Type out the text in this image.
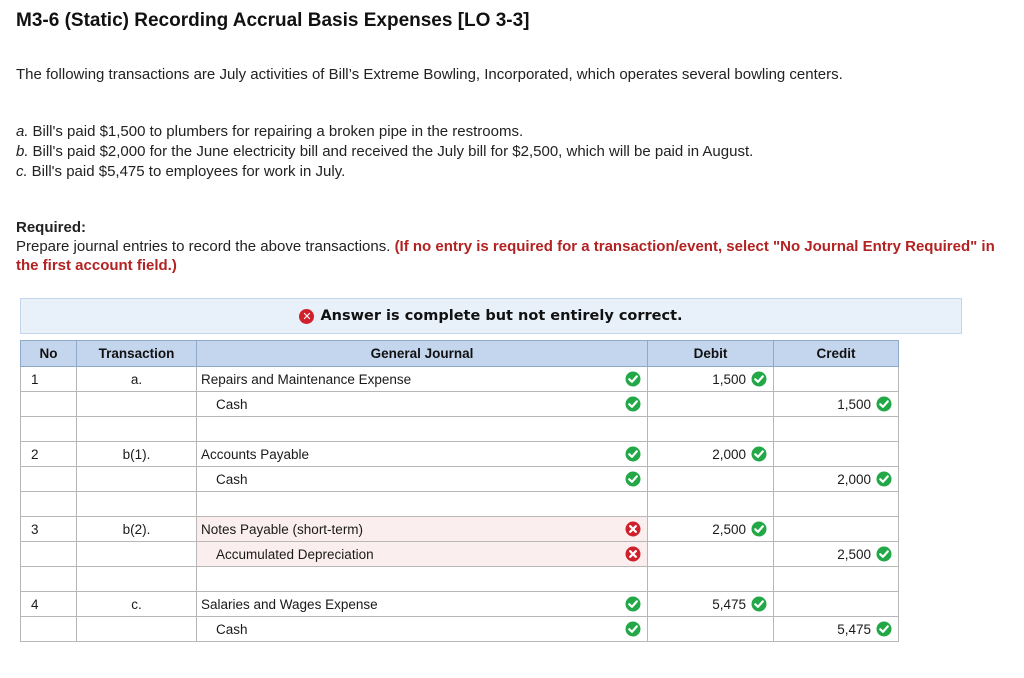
M3-6 (Static) Recording Accrual Basis Expenses [LO 3-3]
The following transactions are July activities of Bill’s Extreme Bowling, Incorporated, which operates several bowling centers.
a. Bill's paid $1,500 to plumbers for repairing a broken pipe in the restrooms.
b. Bill's paid $2,000 for the June electricity bill and received the July bill for $2,500, which will be paid in August.
c. Bill's paid $5,475 to employees for work in July.
Required:
Prepare journal entries to record the above transactions. (If no entry is required for a transaction/event, select "No Journal Entry Required" in the first account field.)
✕ Answer is complete but not entirely correct.
No	Transaction	General Journal	Debit	Credit
1	a.	Repairs and Maintenance Expense	1,500

		Cash		1,500

2	b(1).	Accounts Payable	2,000

		Cash		2,000

3	b(2).	Notes Payable (short-term)	2,500

		Accumulated Depreciation		2,500

4	c.	Salaries and Wages Expense	5,475

		Cash		5,475
